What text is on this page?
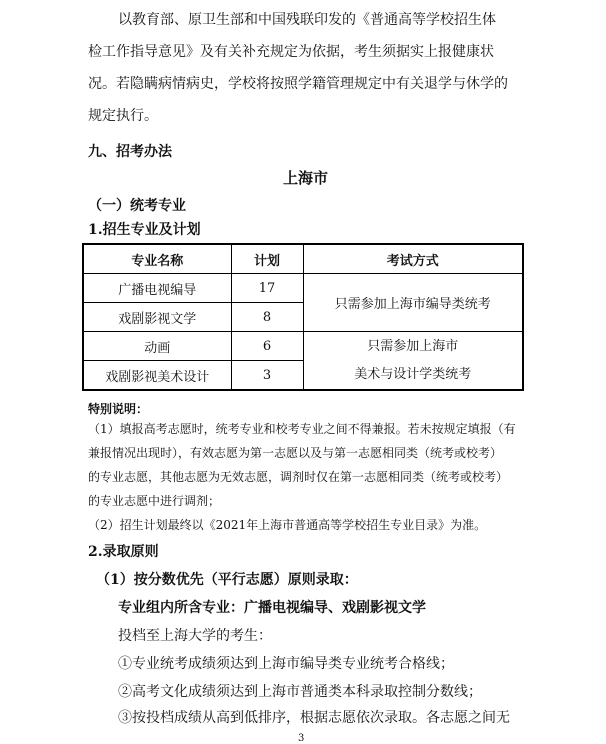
以教育部、原卫生部和中国残联印发的《普通高等学校招生体
检工作指导意见》及有关补充规定为依据，考生须据实上报健康状
况。若隐瞒病情病史，学校将按照学籍管理规定中有关退学与休学的
规定执行。
九、招考办法
上海市
（一）统考专业
1.招生专业及计划
专业名称	计划	考试方式
广播电视编导	17	只需参加上海市编导类统考
戏剧影视文学	8	
动画	6	只需参加上海市
美术与设计学类统考

戏剧影视美术设计	3	
特别说明：
（1）填报高考志愿时，统考专业和校考专业之间不得兼报。若未按规定填报（有
兼报情况出现时），有效志愿为第一志愿以及与第一志愿相同类（统考或校考）
的专业志愿，其他志愿为无效志愿，调剂时仅在第一志愿相同类（统考或校考）
的专业志愿中进行调剂；
（2）招生计划最终以《2021年上海市普通高等学校招生专业目录》为准。
2.录取原则
（1）按分数优先（平行志愿）原则录取：
专业组内所含专业：广播电视编导、戏剧影视文学
投档至上海大学的考生：
①专业统考成绩须达到上海市编导类专业统考合格线；
②高考文化成绩须达到上海市普通类本科录取控制分数线；
③按投档成绩从高到低排序，根据志愿依次录取。各志愿之间无
3
